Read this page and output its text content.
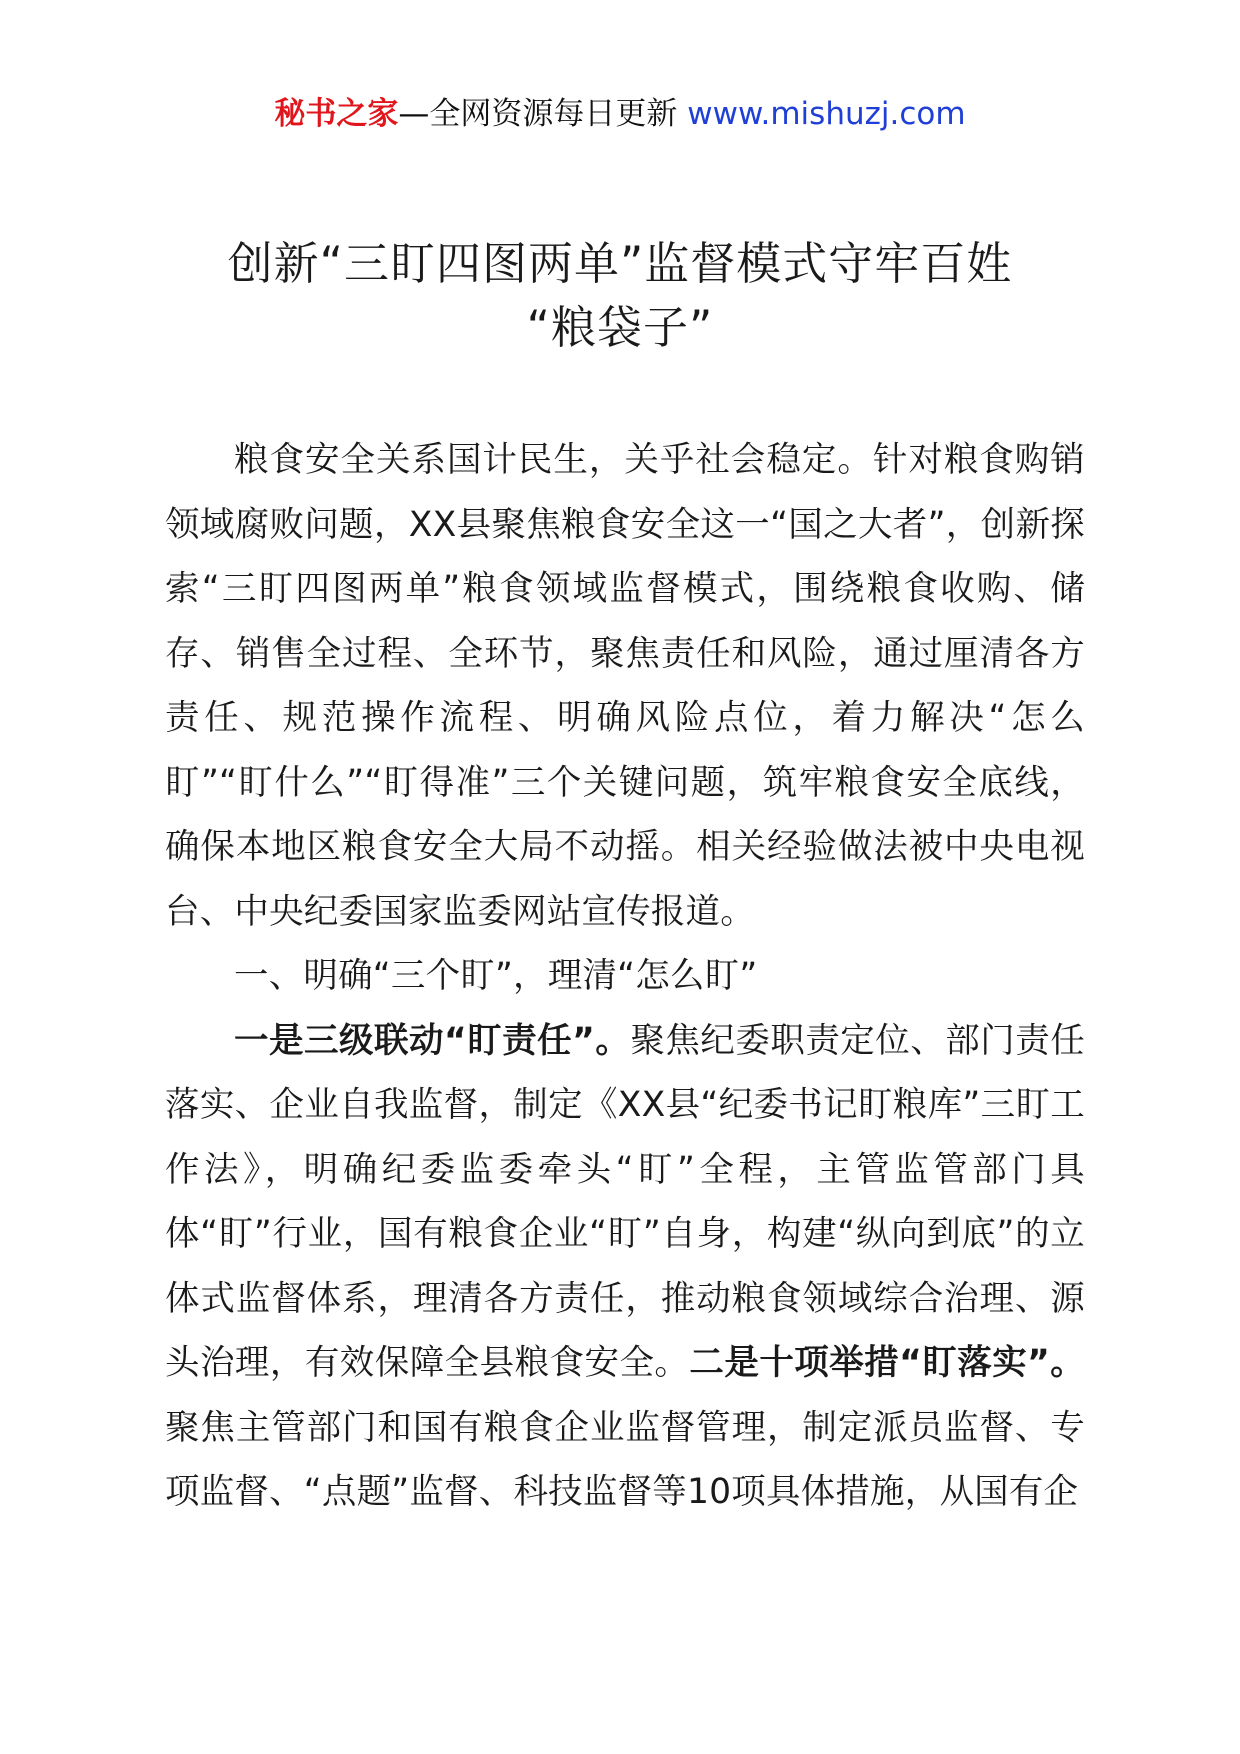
秘书之家—全网资源每日更新 www.mishuzj.com
创新“三盯四图两单”监督模式守牢百姓
“粮袋子”

粮食安全关系国计民生，关乎社会稳定。针对粮食购销领域腐败问题，XX县聚焦粮食安全这一“国之大者”，创新探索“三盯四图两单”粮食领域监督模式，围绕粮食收购、储存、销售全过程、全环节，聚焦责任和风险，通过厘清各方责任、规范操作流程、明确风险点位，着力解决“怎么盯”“盯什么”“盯得准”三个关键问题，筑牢粮食安全底线，确保本地区粮食安全大局不动摇。相关经验做法被中央电视台、中央纪委国家监委网站宣传报道。

一、明确“三个盯”，理清“怎么盯”

一是三级联动“盯责任”。聚焦纪委职责定位、部门责任落实、企业自我监督，制定《XX县“纪委书记盯粮库”三盯工作法》，明确纪委监委牵头“盯”全程，主管监管部门具体“盯”行业，国有粮食企业“盯”自身，构建“纵向到底”的立体式监督体系，理清各方责任，推动粮食领域综合治理、源头治理，有效保障全县粮食安全。二是十项举措“盯落实”。聚焦主管部门和国有粮食企业监督管理，制定派员监督、专项监督、“点题”监督、科技监督等10项具体措施，从国有企
